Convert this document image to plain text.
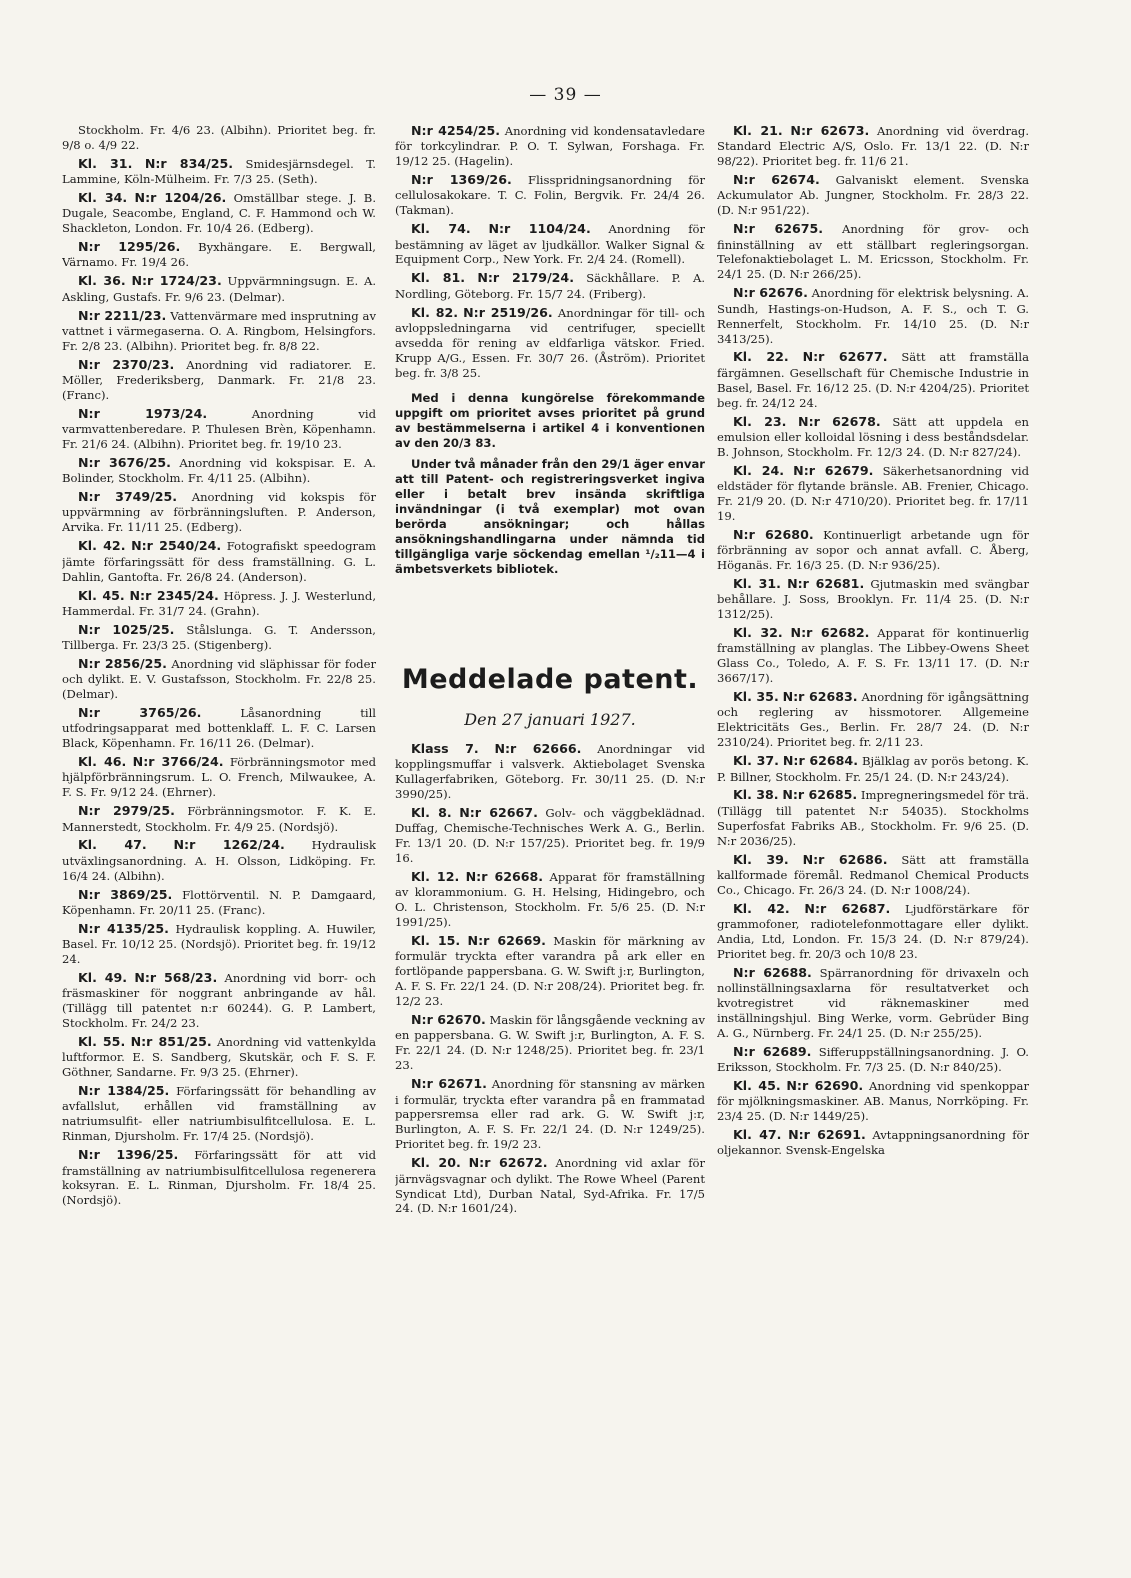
— 39 —

Stockholm. Fr. 4/6 23. (Albihn). Prioritet beg. fr. 9/8 o. 4/9 22.

Kl. 31. N:r 834/25. Smidesjärnsdegel. T. Lammine, Köln-Mülheim. Fr. 7/3 25. (Seth).

Kl. 34. N:r 1204/26. Omställbar stege. J. B. Dugale, Seacombe, England, C. F. Hammond och W. Shackleton, London. Fr. 10/4 26. (Edberg).

N:r 1295/26. Byxhängare. E. Bergwall, Värnamo. Fr. 19/4 26.

Kl. 36. N:r 1724/23. Uppvärmningsugn. E. A. Askling, Gustafs. Fr. 9/6 23. (Delmar).

N:r 2211/23. Vattenvärmare med insprutning av vattnet i värmegaserna. O. A. Ringbom, Helsingfors. Fr. 2/8 23. (Albihn). Prioritet beg. fr. 8/8 22.

N:r 2370/23. Anordning vid radiatorer. E. Möller, Frederiksberg, Danmark. Fr. 21/8 23. (Franc).

N:r 1973/24.	Anordning vid varmvattenberedare. P. Thulesen Brèn, Köpenhamn. Fr. 21/6 24. (Albihn). Prioritet beg. fr. 19/10 23.

N:r 3676/25. Anordning vid kokspisar. E. A. Bolinder, Stockholm. Fr. 4/11 25. (Albihn).

N:r 3749/25. Anordning vid kokspis för uppvärmning av förbränningsluften. P. Anderson, Arvika. Fr. 11/11 25. (Edberg).

Kl. 42. N:r 2540/24. Fotografiskt speedogram jämte förfaringssätt för dess framställning. G. L. Dahlin, Gantofta. Fr. 26/8 24. (Anderson).

Kl. 45. N:r 2345/24. Höpress. J. J. Westerlund, Hammerdal. Fr. 31/7 24. (Grahn).

N:r 1025/25. Stålslunga. G. T. Andersson, Tillberga. Fr. 23/3 25. (Stigenberg).

N:r 2856/25. Anordning vid släphissar för foder och dylikt. E. V. Gustafsson, Stockholm. Fr. 22/8 25. (Delmar).

N:r 3765/26.	Låsanordning till utfodringsapparat med bottenklaff. L. F. C. Larsen Black, Köpenhamn. Fr. 16/11 26. (Delmar).

Kl. 46. N:r 3766/24. Förbränningsmotor med hjälpförbränningsrum. L. O. French, Milwaukee, A. F. S. Fr. 9/12 24. (Ehrner).

N:r 2979/25. Förbränningsmotor. F. K. E. Mannerstedt, Stockholm. Fr. 4/9 25. (Nordsjö).

Kl. 47. N:r 1262/24. Hydraulisk utväxlingsanordning. A. H. Olsson, Lidköping. Fr. 16/4 24. (Albihn).

N:r 3869/25. Flottörventil. N. P. Damgaard, Köpenhamn. Fr. 20/11 25. (Franc).

N:r 4135/25. Hydraulisk koppling. A. Huwiler, Basel. Fr. 10/12 25. (Nordsjö). Prioritet beg. fr. 19/12 24.

Kl. 49. N:r 568/23. Anordning vid borr- och fräsmaskiner för noggrant anbringande av hål. (Tillägg till patentet n:r 60244). G. P. Lambert, Stockholm. Fr. 24/2 23.

Kl. 55. N:r 851/25. Anordning vid vattenkylda luftformor. E. S. Sandberg, Skutskär, och F. S. F. Göthner, Sandarne. Fr. 9/3 25. (Ehrner).

N:r 1384/25. Förfaringssätt för behandling av avfallslut, erhållen vid framställning av natriumsulfit- eller natriumbisulfitcellulosa. E. L. Rinman, Djursholm. Fr. 17/4 25. (Nordsjö).

N:r 1396/25. Förfaringssätt för att vid framställning av natriumbisulfitcellulosa regenerera koksyran. E. L. Rinman, Djursholm. Fr. 18/4 25. (Nordsjö).

N:r 4254/25. Anordning vid kondensatavledare för torkcylindrar. P. O. T. Sylwan, Forshaga. Fr. 19/12 25. (Hagelin).

N:r 1369/26. Flisspridningsanordning för cellulosakokare. T. C. Folin, Bergvik. Fr. 24/4 26. (Takman).

Kl. 74. N:r 1104/24. Anordning för bestämning av läget av ljudkällor. Walker Signal & Equipment Corp., New York. Fr. 2/4 24. (Romell).

Kl. 81. N:r 2179/24. Säckhållare. P. A. Nordling, Göteborg. Fr. 15/7 24. (Friberg).

Kl. 82. N:r 2519/26. Anordningar för till- och avloppsledningarna vid centrifuger, speciellt avsedda för rening av eldfarliga vätskor. Fried. Krupp A/G., Essen. Fr. 30/7 26. (Åström). Prioritet beg. fr. 3/8 25.

Med i denna kungörelse förekommande uppgift om prioritet avses prioritet på grund av bestämmelserna i artikel 4 i konventionen av den 20/3 83.

Under två månader från den 29/1 äger envar att till Patent- och registreringsverket ingiva eller i betalt brev insända skriftliga invändningar (i två exemplar) mot ovan berörda ansökningar; och hållas ansökningshandlingarna under nämnda tid tillgängliga varje söckendag emellan ¹/₂11—4 i ämbetsverkets bibliotek.

Meddelade patent.
Den 27 januari 1927.

Klass 7. N:r 62666. Anordningar vid kopplingsmuffar i valsverk. Aktiebolaget Svenska Kullagerfabriken, Göteborg. Fr. 30/11 25. (D. N:r 3990/25).

Kl. 8. N:r 62667. Golv- och väggbeklädnad. Duffag, Chemische-Technisches Werk A. G., Berlin. Fr. 13/1 20. (D. N:r 157/25). Prioritet beg. fr. 19/9 16.

Kl. 12. N:r 62668. Apparat för framställning av klorammonium. G. H. Helsing, Hidingebro, och O. L. Christenson, Stockholm. Fr. 5/6 25. (D. N:r 1991/25).

Kl. 15. N:r 62669. Maskin för märkning av formulär tryckta efter varandra på ark eller en fortlöpande pappersbana. G. W. Swift j:r, Burlington, A. F. S. Fr. 22/1 24. (D. N:r 208/24). Prioritet beg. fr. 12/2 23.

N:r 62670. Maskin för långsgående veckning av en pappersbana. G. W. Swift j:r, Burlington, A. F. S. Fr. 22/1 24. (D. N:r 1248/25). Prioritet beg. fr. 23/1 23.

N:r 62671. Anordning för stansning av märken i formulär, tryckta efter varandra på en frammatad pappersremsa eller rad ark. G. W. Swift j:r, Burlington, A. F. S. Fr. 22/1 24. (D. N:r 1249/25). Prioritet beg. fr. 19/2 23.

Kl. 20. N:r 62672. Anordning vid axlar för järnvägsvagnar och dylikt. The Rowe Wheel (Parent Syndicat Ltd), Durban Natal, Syd-Afrika. Fr. 17/5 24. (D. N:r 1601/24).

Kl. 21. N:r 62673. Anordning vid överdrag. Standard Electric A/S, Oslo. Fr. 13/1 22. (D. N:r 98/22). Prioritet beg. fr. 11/6 21.

N:r 62674. Galvaniskt element. Svenska Ackumulator Ab. Jungner, Stockholm. Fr. 28/3 22. (D. N:r 951/22).

N:r 62675. Anordning för grov- och fininställning av ett ställbart regleringsorgan. Telefonaktiebolaget L. M. Ericsson, Stockholm. Fr. 24/1 25. (D. N:r 266/25).

N:r 62676. Anordning för elektrisk belysning. A. Sundh, Hastings-on-Hudson, A. F. S., och T. G. Rennerfelt, Stockholm. Fr. 14/10 25. (D. N:r 3413/25).

Kl. 22. N:r 62677. Sätt att framställa färgämnen. Gesellschaft für Chemische Industrie in Basel, Basel. Fr. 16/12 25. (D. N:r 4204/25). Prioritet beg. fr. 24/12 24.

Kl. 23. N:r 62678. Sätt att uppdela en emulsion eller kolloidal lösning i dess beståndsdelar. B. Johnson, Stockholm. Fr. 12/3 24. (D. N:r 827/24).

Kl. 24. N:r 62679. Säkerhetsanordning vid eldstäder för flytande bränsle. AB. Frenier, Chicago. Fr. 21/9 20. (D. N:r 4710/20). Prioritet beg. fr. 17/11 19.

N:r 62680. Kontinuerligt arbetande ugn för förbränning av sopor och annat avfall. C. Åberg, Höganäs. Fr. 16/3 25. (D. N:r 936/25).

Kl. 31. N:r 62681. Gjutmaskin med svängbar behållare. J. Soss, Brooklyn. Fr. 11/4 25. (D. N:r 1312/25).

Kl. 32. N:r 62682. Apparat för kontinuerlig framställning av planglas. The Libbey-Owens Sheet Glass Co., Toledo, A. F. S. Fr. 13/11 17. (D. N:r 3667/17).

Kl. 35. N:r 62683. Anordning för igångsättning och reglering av hissmotorer. Allgemeine Elektricitäts Ges., Berlin. Fr. 28/7 24. (D. N:r 2310/24). Prioritet beg. fr. 2/11 23.

Kl. 37. N:r 62684. Bjälklag av porös betong. K. P. Billner, Stockholm. Fr. 25/1 24. (D. N:r 243/24).

Kl. 38. N:r 62685. Impregneringsmedel för trä. (Tillägg till patentet N:r 54035). Stockholms Superfosfat Fabriks AB., Stockholm. Fr. 9/6 25. (D. N:r 2036/25).

Kl. 39. N:r 62686. Sätt att framställa kallformade föremål. Redmanol Chemical Products Co., Chicago. Fr. 26/3 24. (D. N:r 1008/24).

Kl. 42. N:r 62687. Ljudförstärkare för grammofoner, radiotelefonmottagare eller dylikt. Andia, Ltd, London. Fr. 15/3 24. (D. N:r 879/24). Prioritet beg. fr. 20/3 och 10/8 23.

N:r 62688. Spärranordning för drivaxeln och nollinställningsaxlarna för resultatverket och kvotregistret vid räknemaskiner med inställningshjul. Bing Werke, vorm. Gebrüder Bing A. G., Nürnberg. Fr. 24/1 25. (D. N:r 255/25).

N:r 62689. Sifferuppställningsanordning. J. O. Eriksson, Stockholm. Fr. 7/3 25. (D. N:r 840/25).

Kl. 45. N:r 62690. Anordning vid spenkoppar för mjölkningsmaskiner. AB. Manus, Norrköping. Fr. 23/4 25. (D. N:r 1449/25).

Kl. 47. N:r 62691. Avtappningsanordning för oljekannor. Svensk-Engelska
